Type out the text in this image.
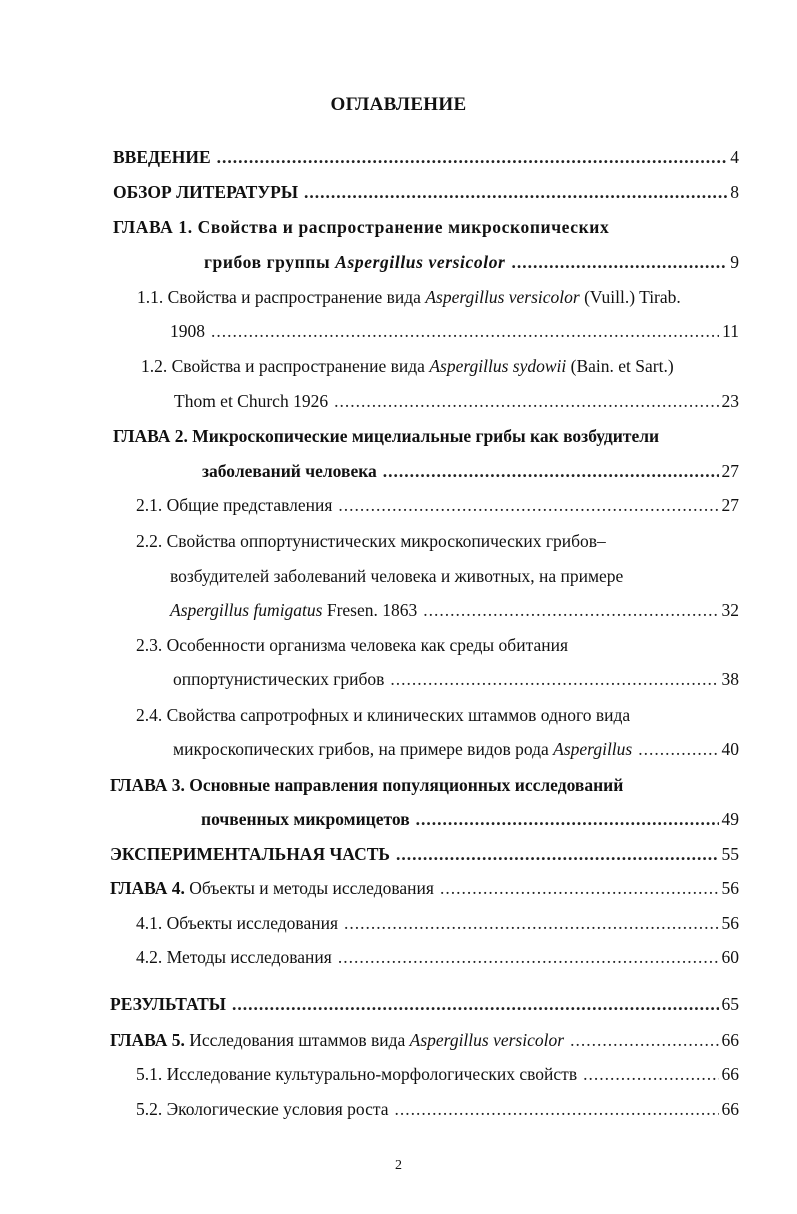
ОГЛАВЛЕНИЕ
ВВЕДЕНИЕ .....	4
ОБЗОР ЛИТЕРАТУРЫ .....	8
ГЛАВА 1. Свойства и распространение микроскопических
грибов группы Aspergillus versicolor .....	9
1.1. Свойства и распространение вида Aspergillus versicolor (Vuill.) Tirab.
1908 .....	11
1.2. Свойства и распространение вида Aspergillus sydowii (Bain. et Sart.)
Thom et Church 1926 .....	23
ГЛАВА 2. Микроскопические мицелиальные грибы как возбудители
заболеваний человека .....	27
2.1. Общие представления .....	27
2.2. Свойства оппортунистических микроскопических грибов–
возбудителей заболеваний человека и животных, на примере
Aspergillus fumigatus Fresen. 1863 .....	32
2.3. Особенности организма человека как среды обитания
оппортунистических грибов .....	38
2.4. Свойства сапротрофных и клинических штаммов одного вида
микроскопических грибов, на примере видов рода Aspergillus .....	40
ГЛАВА 3. Основные направления популяционных исследований
почвенных микромицетов .....	49
ЭКСПЕРИМЕНТАЛЬНАЯ ЧАСТЬ .....	55
ГЛАВА 4. Объекты и методы исследования .....	56
4.1. Объекты исследования .....	56
4.2. Методы исследования .....	60
РЕЗУЛЬТАТЫ .....	65
ГЛАВА 5. Исследования штаммов вида Aspergillus versicolor .....	66
5.1. Исследование культурально-морфологических свойств .....	66
5.2. Экологические условия роста .....	66
2
